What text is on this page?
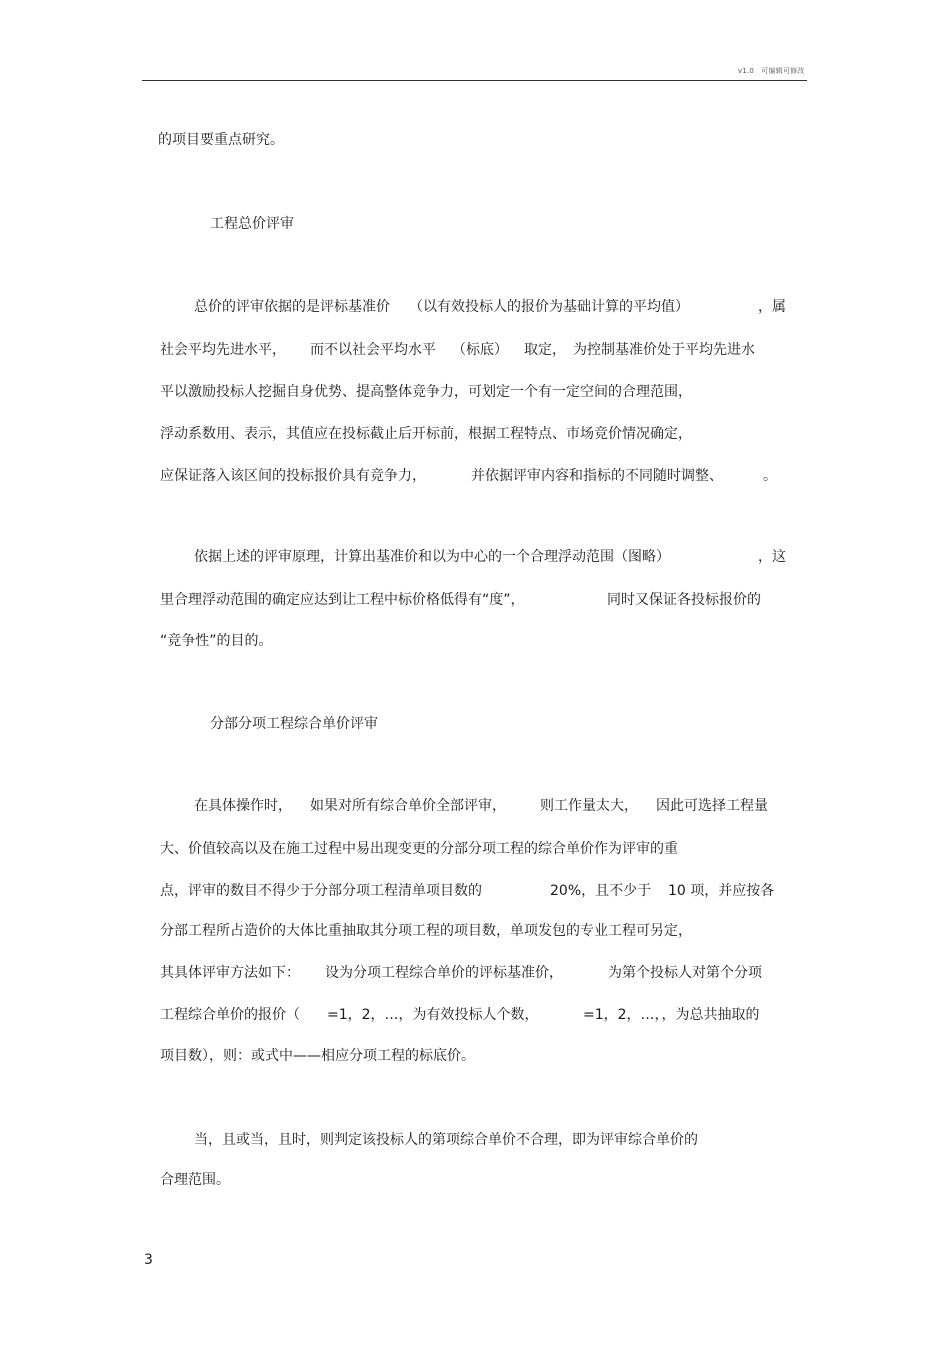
v1.0　可编辑可修改
的项目要重点研究。
工程总价评审
总价的评审依据的是评标基准价 （以有效投标人的报价为基础计算的平均值）	，属
社会平均先进水平， 而不以社会平均水平 （标底） 取定， 为控制基准价处于平均先进水
平以激励投标人挖掘自身优势、提高整体竞争力，可划定一个有一定空间的合理范围，
浮动系数用、表示，其值应在投标截止后开标前，根据工程特点、市场竞价情况确定，
应保证落入该区间的投标报价具有竞争力，	并依据评审内容和指标的不同随时调整、	。
依据上述的评审原理，计算出基准价和以为中心的一个合理浮动范围（图略）	，这
里合理浮动范围的确定应达到让工程中标价格低得有“度”，	同时又保证各投标报价的
“竞争性”的目的。
分部分项工程综合单价评审
在具体操作时， 如果对所有综合单价全部评审， 则工作量太大， 因此可选择工程量
大、价值较高以及在施工过程中易出现变更的分部分项工程的综合单价作为评审的重
点，评审的数目不得少于分部分项工程清单项目数的	20%，且不少于 10 项，并应按各
分部工程所占造价的大体比重抽取其分项工程的项目数，单项发包的专业工程可另定，
其具体评审方法如下： 设为分项工程综合单价的评标基准价，	为第个投标人对第个分项
工程综合单价的报价（ =1，2，…，为有效投标人个数，	=1，2，…，，为总共抽取的
项目数），则：或式中——相应分项工程的标底价。
当，且或当，且时，则判定该投标人的第项综合单价不合理，即为评审综合单价的
合理范围。
3
